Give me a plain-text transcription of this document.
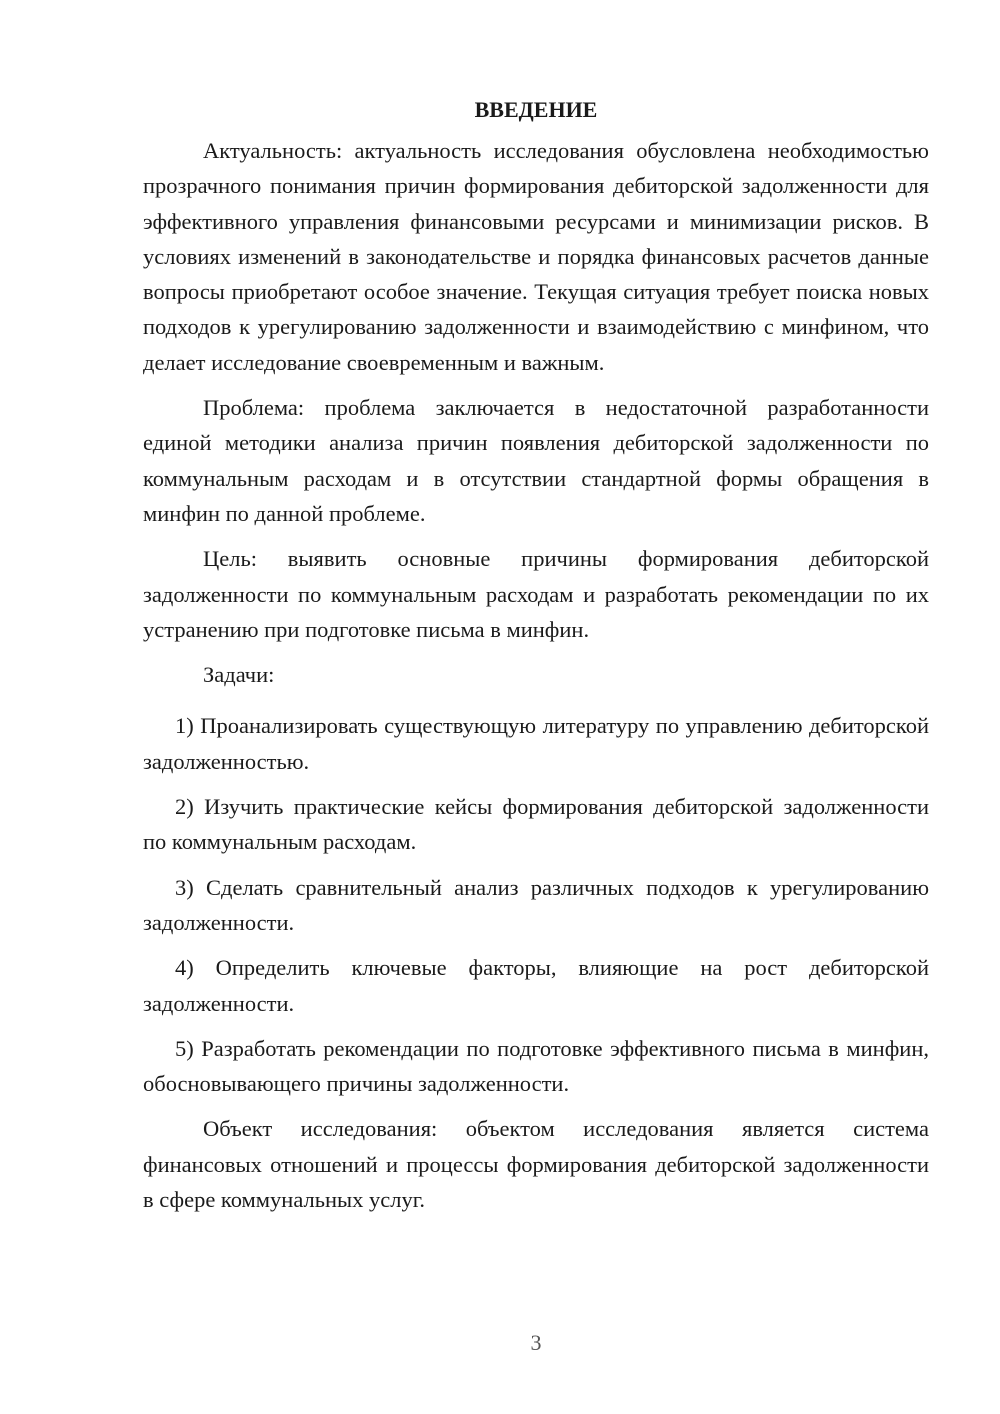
ВВЕДЕНИЕ

Актуальность: актуальность исследования обусловлена необходимостью прозрачного понимания причин формирования дебиторской задолженности для эффективного управления финансовыми ресурсами и минимизации рисков. В условиях изменений в законодательстве и порядка финансовых расчетов данные вопросы приобретают особое значение. Текущая ситуация требует поиска новых подходов к урегулированию задолженности и взаимодействию с минфином, что делает исследование своевременным и важным.

Проблема: проблема заключается в недостаточной разработанности единой методики анализа причин появления дебиторской задолженности по коммунальным расходам и в отсутствии стандартной формы обращения в минфин по данной проблеме.

Цель: выявить основные причины формирования дебиторской задолженности по коммунальным расходам и разработать рекомендации по их устранению при подготовке письма в минфин.

Задачи:

1) Проанализировать существующую литературу по управлению дебиторской задолженностью.

2) Изучить практические кейсы формирования дебиторской задолженности по коммунальным расходам.

3) Сделать сравнительный анализ различных подходов к урегулированию задолженности.

4) Определить ключевые факторы, влияющие на рост дебиторской задолженности.

5) Разработать рекомендации по подготовке эффективного письма в минфин, обосновывающего причины задолженности.

Объект исследования: объектом исследования является система финансовых отношений и процессы формирования дебиторской задолженности в сфере коммунальных услуг.

3
